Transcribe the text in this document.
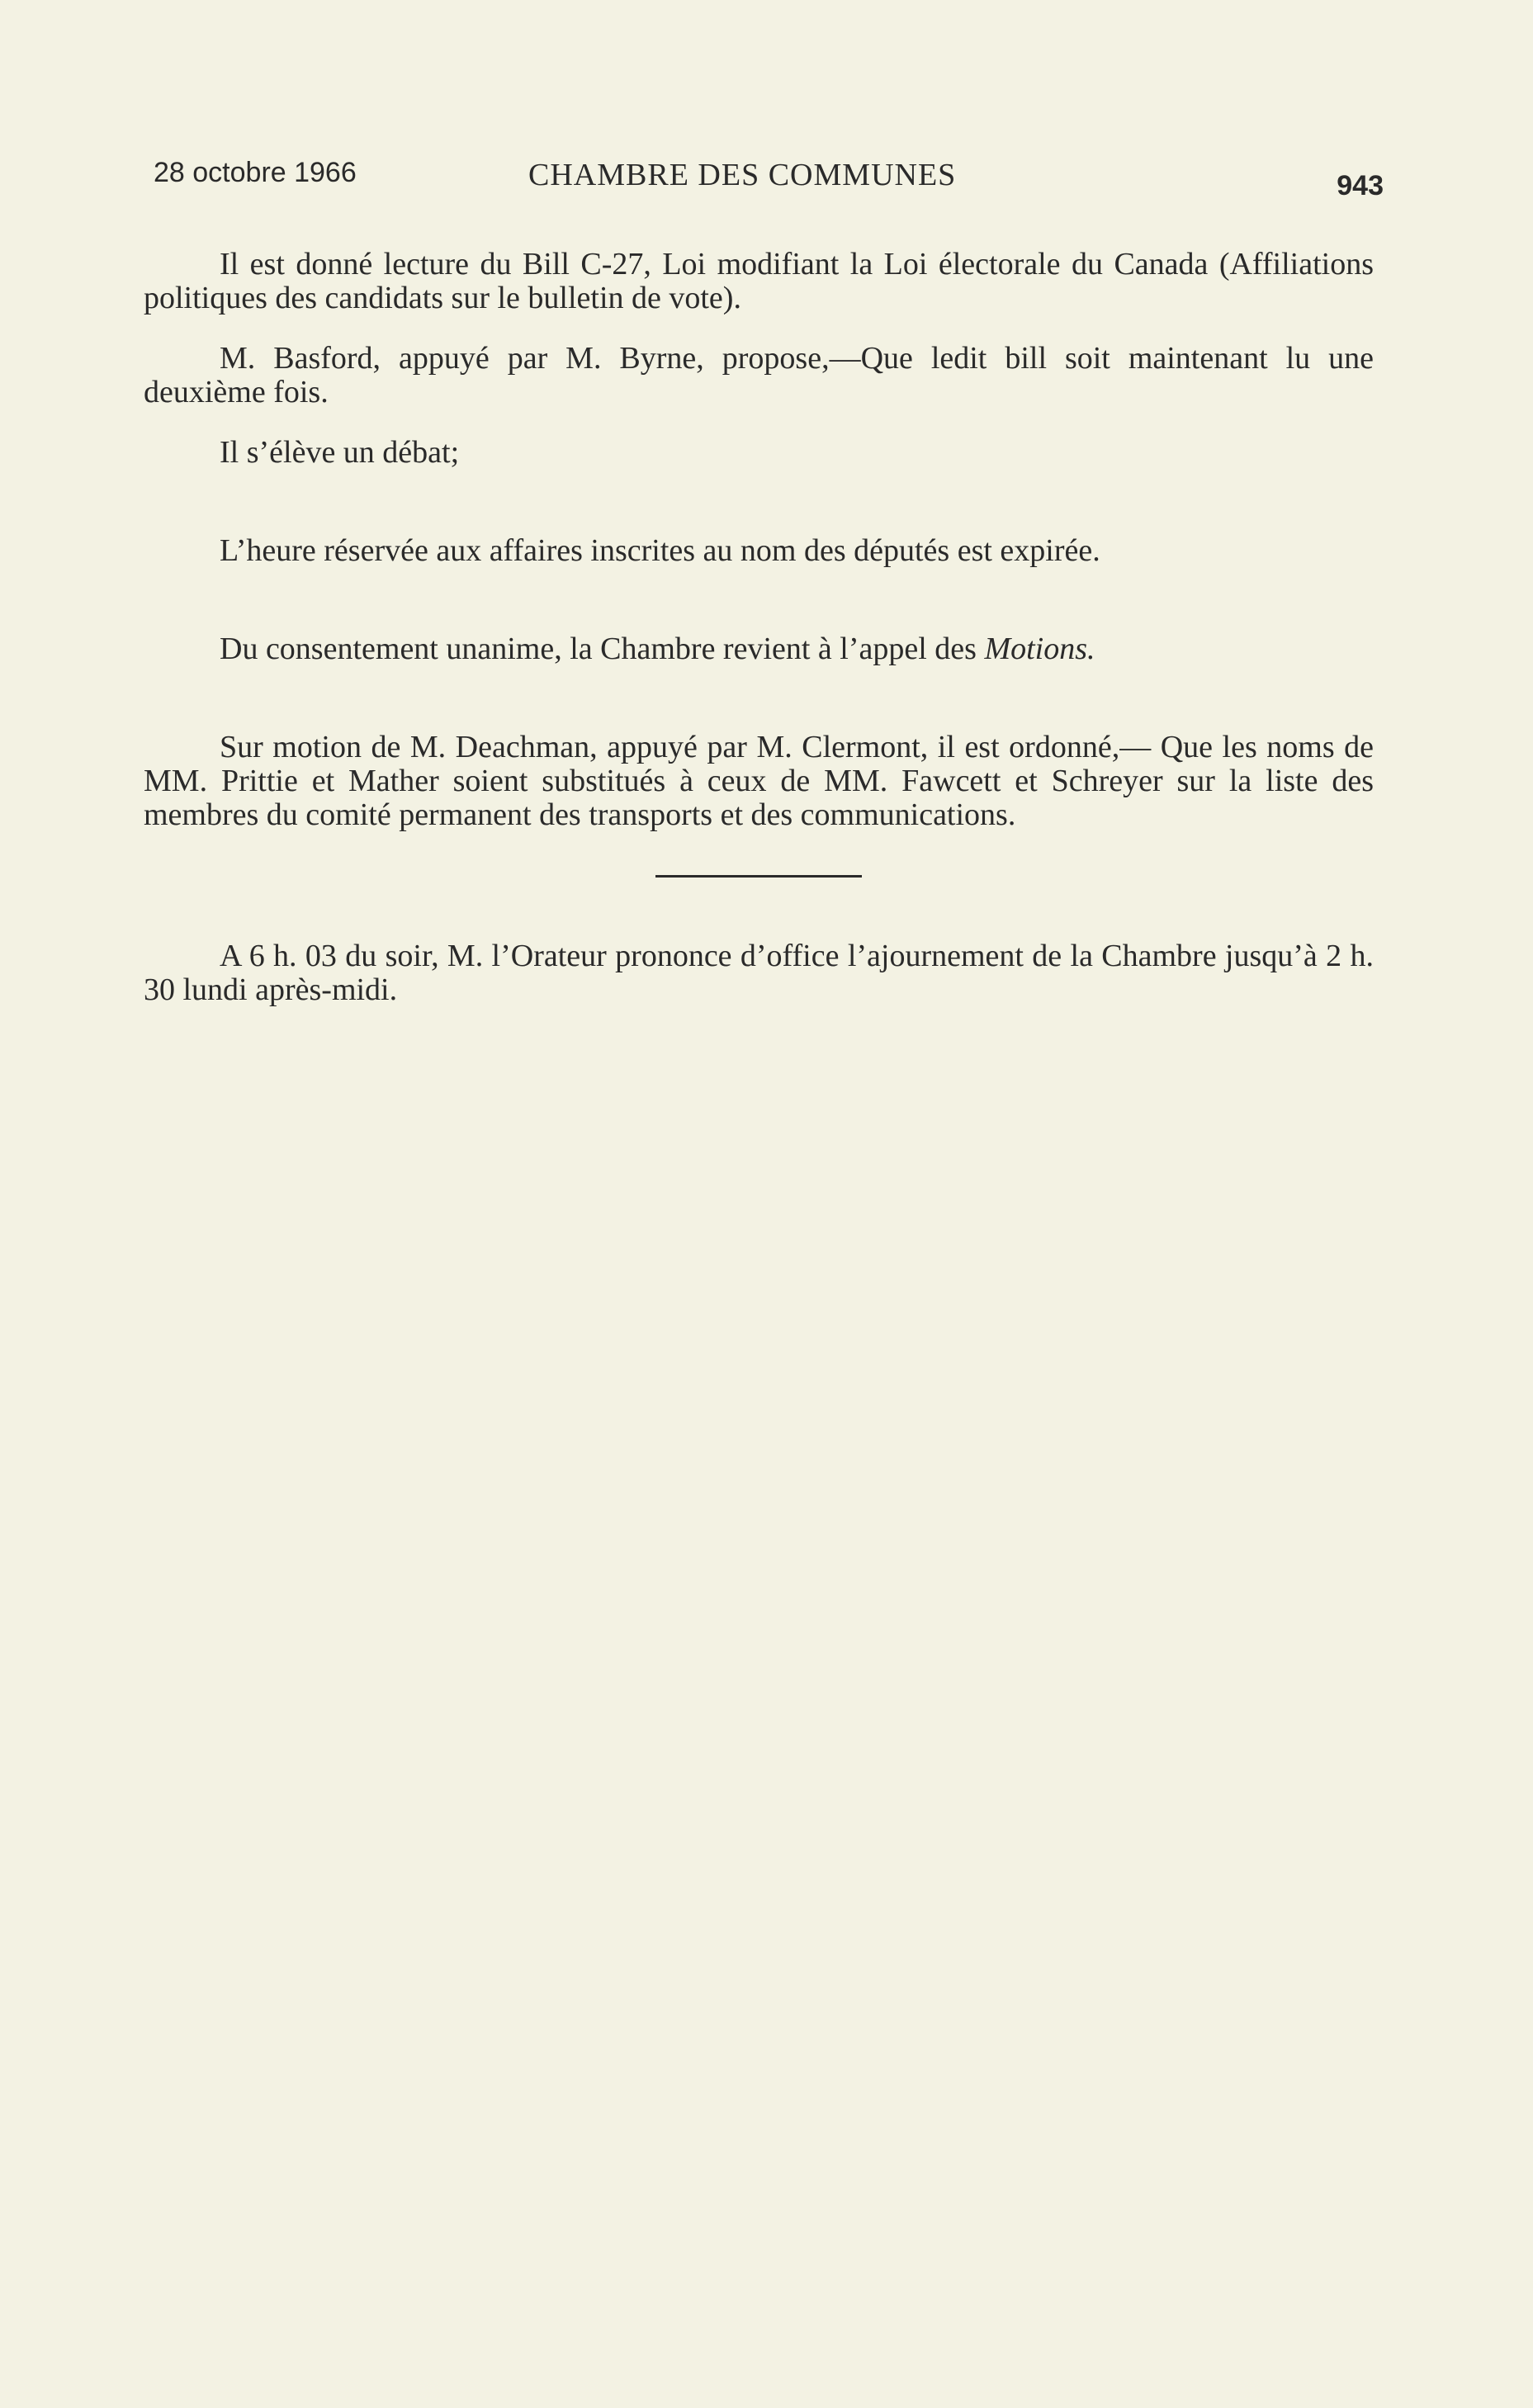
28 octobre 1966	CHAMBRE DES COMMUNES	943

Il est donné lecture du Bill C-27, Loi modifiant la Loi électorale du Canada (Affiliations politiques des candidats sur le bulletin de vote).

M. Basford, appuyé par M. Byrne, propose,—Que ledit bill soit maintenant lu une deuxième fois.

Il s’élève un débat;

L’heure réservée aux affaires inscrites au nom des députés est expirée.

Du consentement unanime, la Chambre revient à l’appel des Motions.

Sur motion de M. Deachman, appuyé par M. Clermont, il est ordonné,— Que les noms de MM. Prittie et Mather soient substitués à ceux de MM. Fawcett et Schreyer sur la liste des membres du comité permanent des transports et des communications.

A 6 h. 03 du soir, M. l’Orateur prononce d’office l’ajournement de la Chambre jusqu’à 2 h. 30 lundi après-midi.
